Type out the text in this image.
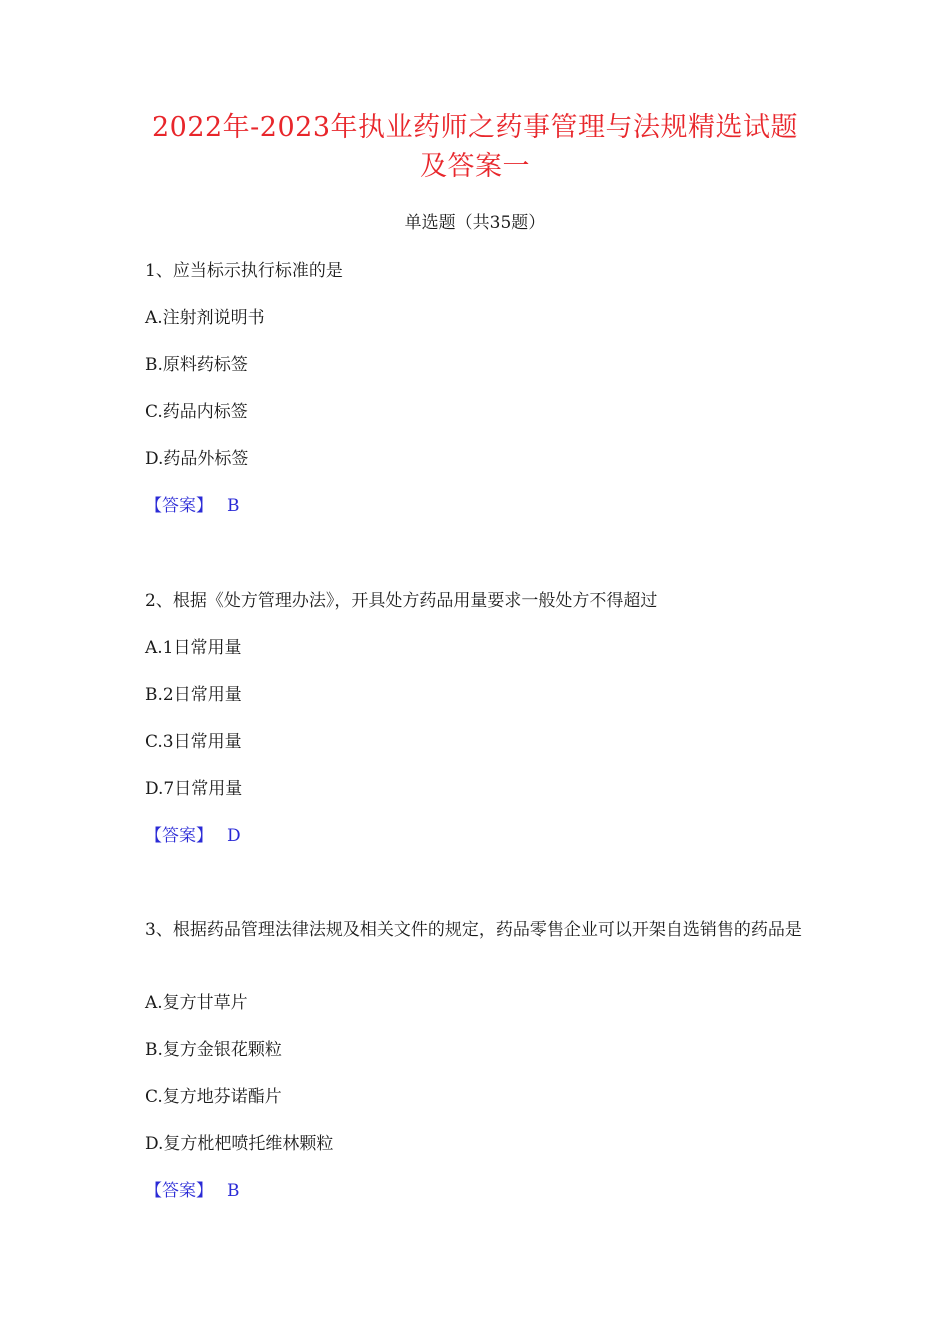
2022年-2023年执业药师之药事管理与法规精选试题及答案一
单选题（共35题）
1、应当标示执行标准的是
A.注射剂说明书
B.原料药标签
C.药品内标签
D.药品外标签
【答案】 B
2、根据《处方管理办法》，开具处方药品用量要求一般处方不得超过
A.1日常用量
B.2日常用量
C.3日常用量
D.7日常用量
【答案】 D
3、根据药品管理法律法规及相关文件的规定，药品零售企业可以开架自选销售的药品是
A.复方甘草片
B.复方金银花颗粒
C.复方地芬诺酯片
D.复方枇杷喷托维林颗粒
【答案】 B
